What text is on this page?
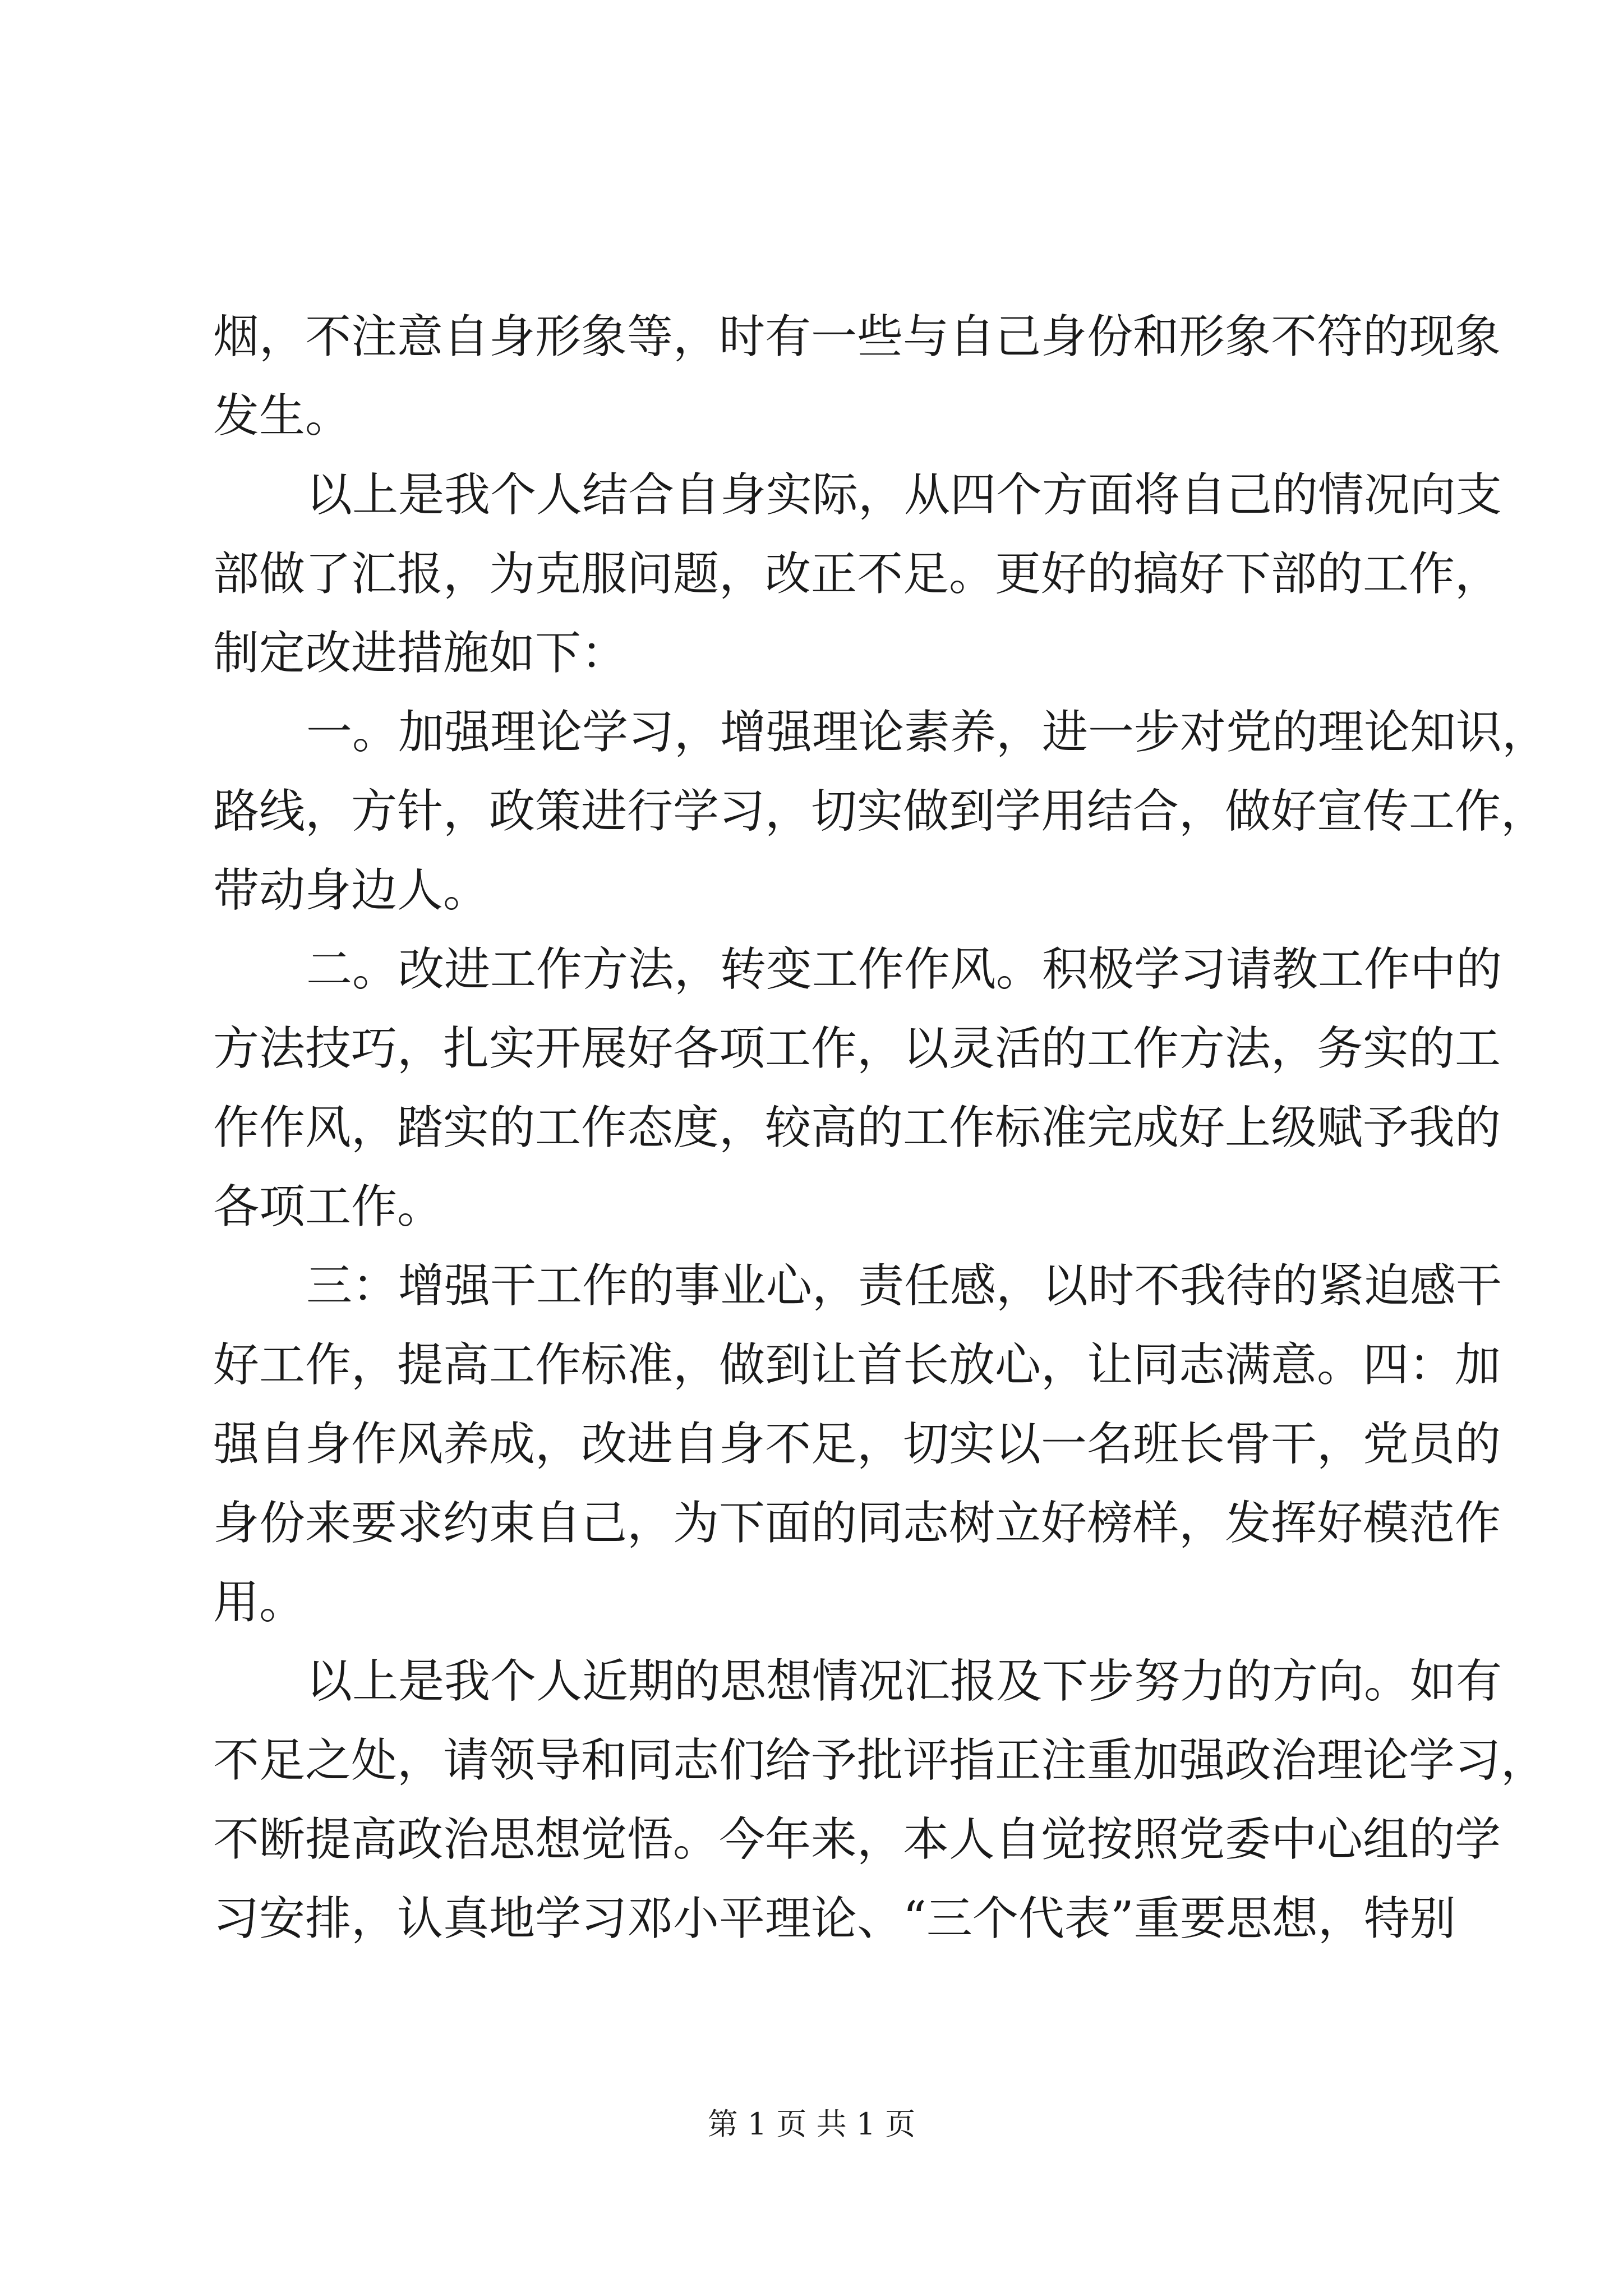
烟，不注意自身形象等，时有一些与自己身份和形象不符的现象
发生。
以上是我个人结合自身实际，从四个方面将自己的情况向支
部做了汇报，为克服问题，改正不足。更好的搞好下部的工作，
制定改进措施如下：
一。加强理论学习，增强理论素养，进一步对党的理论知识，
路线，方针，政策进行学习，切实做到学用结合，做好宣传工作，
带动身边人。
二。改进工作方法，转变工作作风。积极学习请教工作中的
方法技巧，扎实开展好各项工作，以灵活的工作方法，务实的工
作作风，踏实的工作态度，较高的工作标准完成好上级赋予我的
各项工作。
三：增强干工作的事业心，责任感，以时不我待的紧迫感干
好工作，提高工作标准，做到让首长放心，让同志满意。四：加
强自身作风养成，改进自身不足，切实以一名班长骨干，党员的
身份来要求约束自己，为下面的同志树立好榜样，发挥好模范作
用。
以上是我个人近期的思想情况汇报及下步努力的方向。如有
不足之处，请领导和同志们给予批评指正注重加强政治理论学习，
不断提高政治思想觉悟。今年来，本人自觉按照党委中心组的学
习安排，认真地学习邓小平理论、“三个代表”重要思想，特别
第 1 页 共 1 页
